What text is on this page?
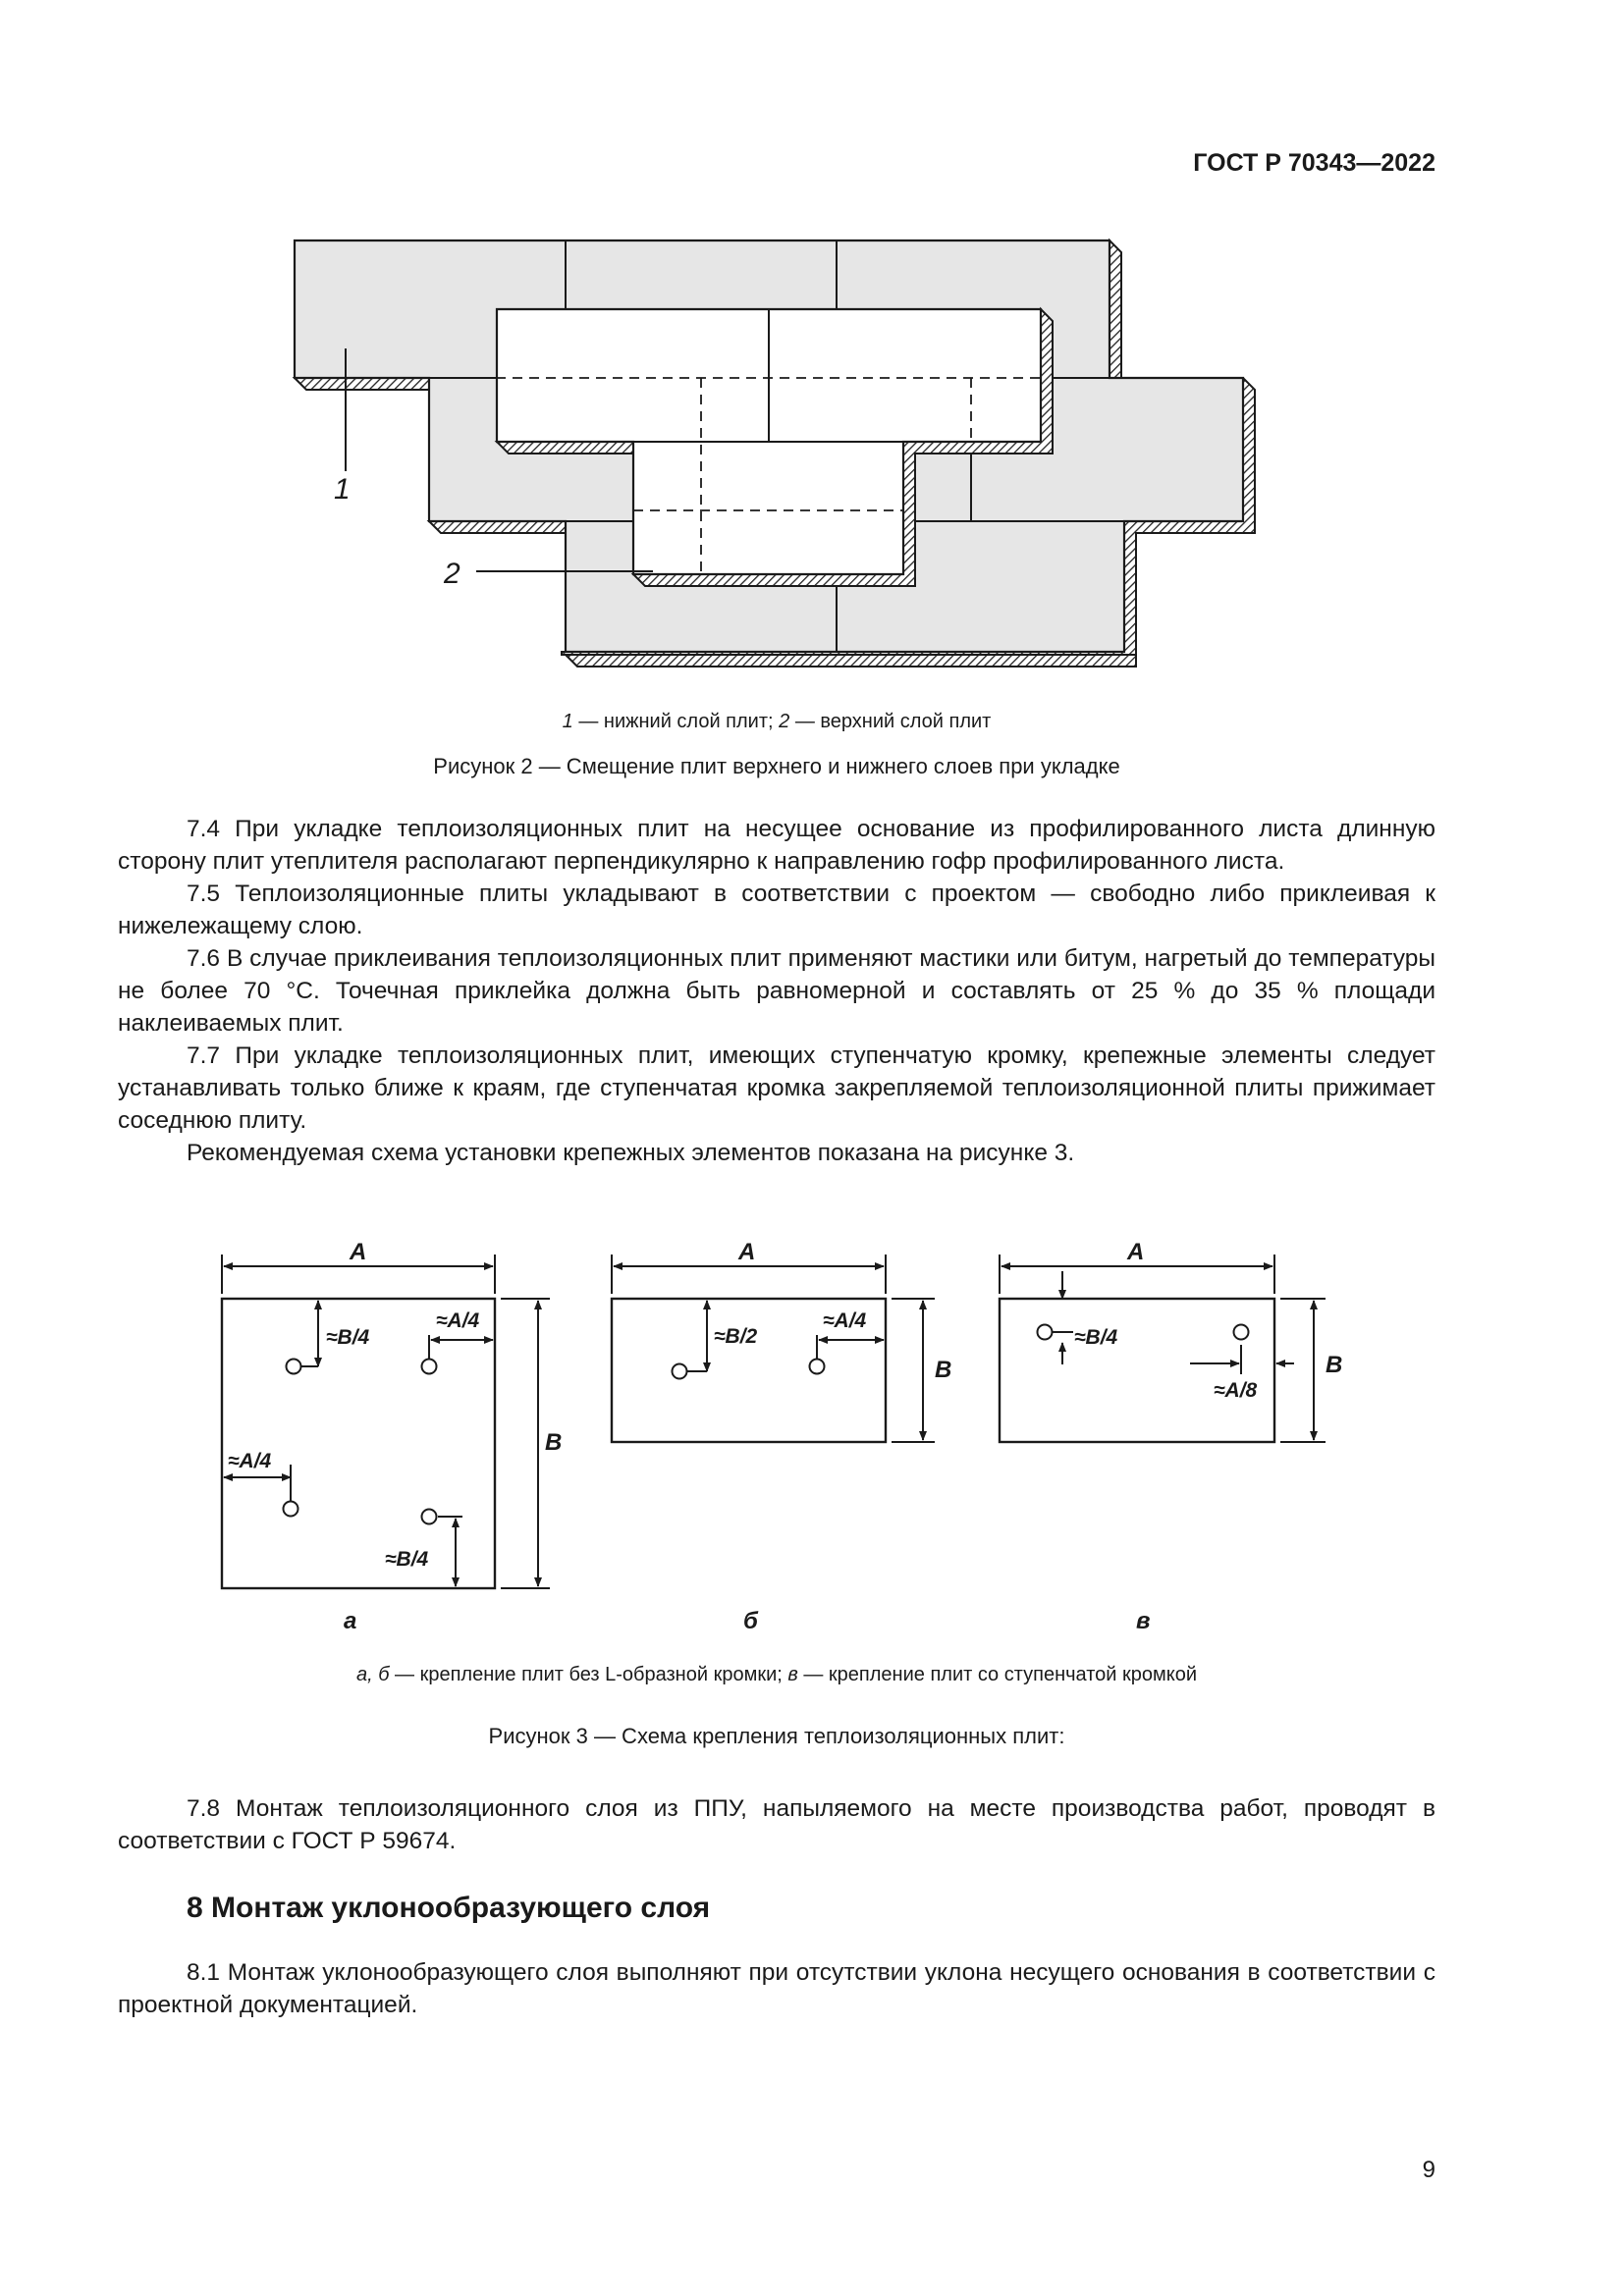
ГОСТ Р 70343—2022
1
2
1 — нижний слой плит; 2 — верхний слой плит
Рисунок 2 — Смещение плит верхнего и нижнего слоев при укладке

7.4 При укладке теплоизоляционных плит на несущее основание из профилированного листа длинную сторону плит утеплителя располагают перпендикулярно к направлению гофр профилированного листа.

7.5 Теплоизоляционные плиты укладывают в соответствии с проектом — свободно либо приклеивая к нижележащему слою.

7.6 В случае приклеивания теплоизоляционных плит применяют мастики или битум, нагретый до температуры не более 70 °С. Точечная приклейка должна быть равномерной и составлять от 25 % до 35 % площади наклеиваемых плит.

7.7 При укладке теплоизоляционных плит, имеющих ступенчатую кромку, крепежные элементы следует устанавливать только ближе к краям, где ступенчатая кромка закрепляемой теплоизоляционной плиты прижимает соседнюю плиту.

Рекомендуемая схема установки крепежных элементов показана на рисунке 3.

A
B
A
B
A
B
≈B/4
≈A/4
≈A/4
≈B/4
≈B/2
≈A/4
≈B/4
≈A/8
а	б	в
а, б — крепление плит без L-образной кромки; в — крепление плит со ступенчатой кромкой
Рисунок 3 — Схема крепления теплоизоляционных плит:

7.8 Монтаж теплоизоляционного слоя из ППУ, напыляемого на месте производства работ, проводят в соответствии с ГОСТ Р 59674.

8 Монтаж уклонообразующего слоя

8.1 Монтаж уклонообразующего слоя выполняют при отсутствии уклона несущего основания в соответствии с проектной документацией.

9
